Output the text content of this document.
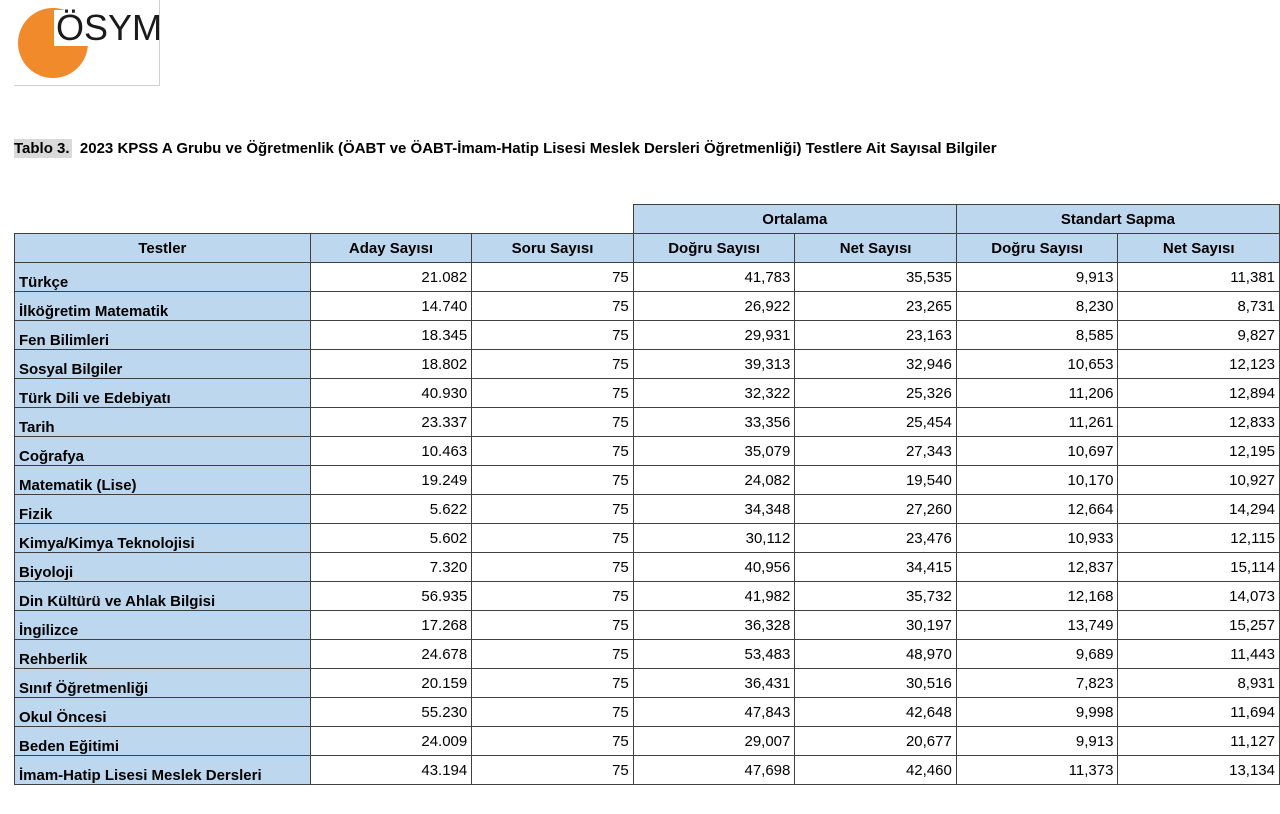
ÖSYM
Tablo 3. 2023 KPSS A Grubu ve Öğretmenlik (ÖABT ve ÖABT-İmam-Hatip Lisesi Meslek Dersleri Öğretmenliği) Testlere Ait Sayısal Bilgiler
			Ortalama		Standart Sapma	
Testler	Aday Sayısı	Soru Sayısı	Doğru Sayısı	Net Sayısı	Doğru Sayısı	Net Sayısı
Türkçe	21.082	75	41,783	35,535	9,913	11,381
İlköğretim Matematik	14.740	75	26,922	23,265	8,230	8,731
Fen Bilimleri	18.345	75	29,931	23,163	8,585	9,827
Sosyal Bilgiler	18.802	75	39,313	32,946	10,653	12,123
Türk Dili ve Edebiyatı	40.930	75	32,322	25,326	11,206	12,894
Tarih	23.337	75	33,356	25,454	11,261	12,833
Coğrafya	10.463	75	35,079	27,343	10,697	12,195
Matematik (Lise)	19.249	75	24,082	19,540	10,170	10,927
Fizik	5.622	75	34,348	27,260	12,664	14,294
Kimya/Kimya Teknolojisi	5.602	75	30,112	23,476	10,933	12,115
Biyoloji	7.320	75	40,956	34,415	12,837	15,114
Din Kültürü ve Ahlak Bilgisi	56.935	75	41,982	35,732	12,168	14,073
İngilizce	17.268	75	36,328	30,197	13,749	15,257
Rehberlik	24.678	75	53,483	48,970	9,689	11,443
Sınıf Öğretmenliği	20.159	75	36,431	30,516	7,823	8,931
Okul Öncesi	55.230	75	47,843	42,648	9,998	11,694
Beden Eğitimi	24.009	75	29,007	20,677	9,913	11,127
İmam-Hatip Lisesi Meslek Dersleri	43.194	75	47,698	42,460	11,373	13,134
